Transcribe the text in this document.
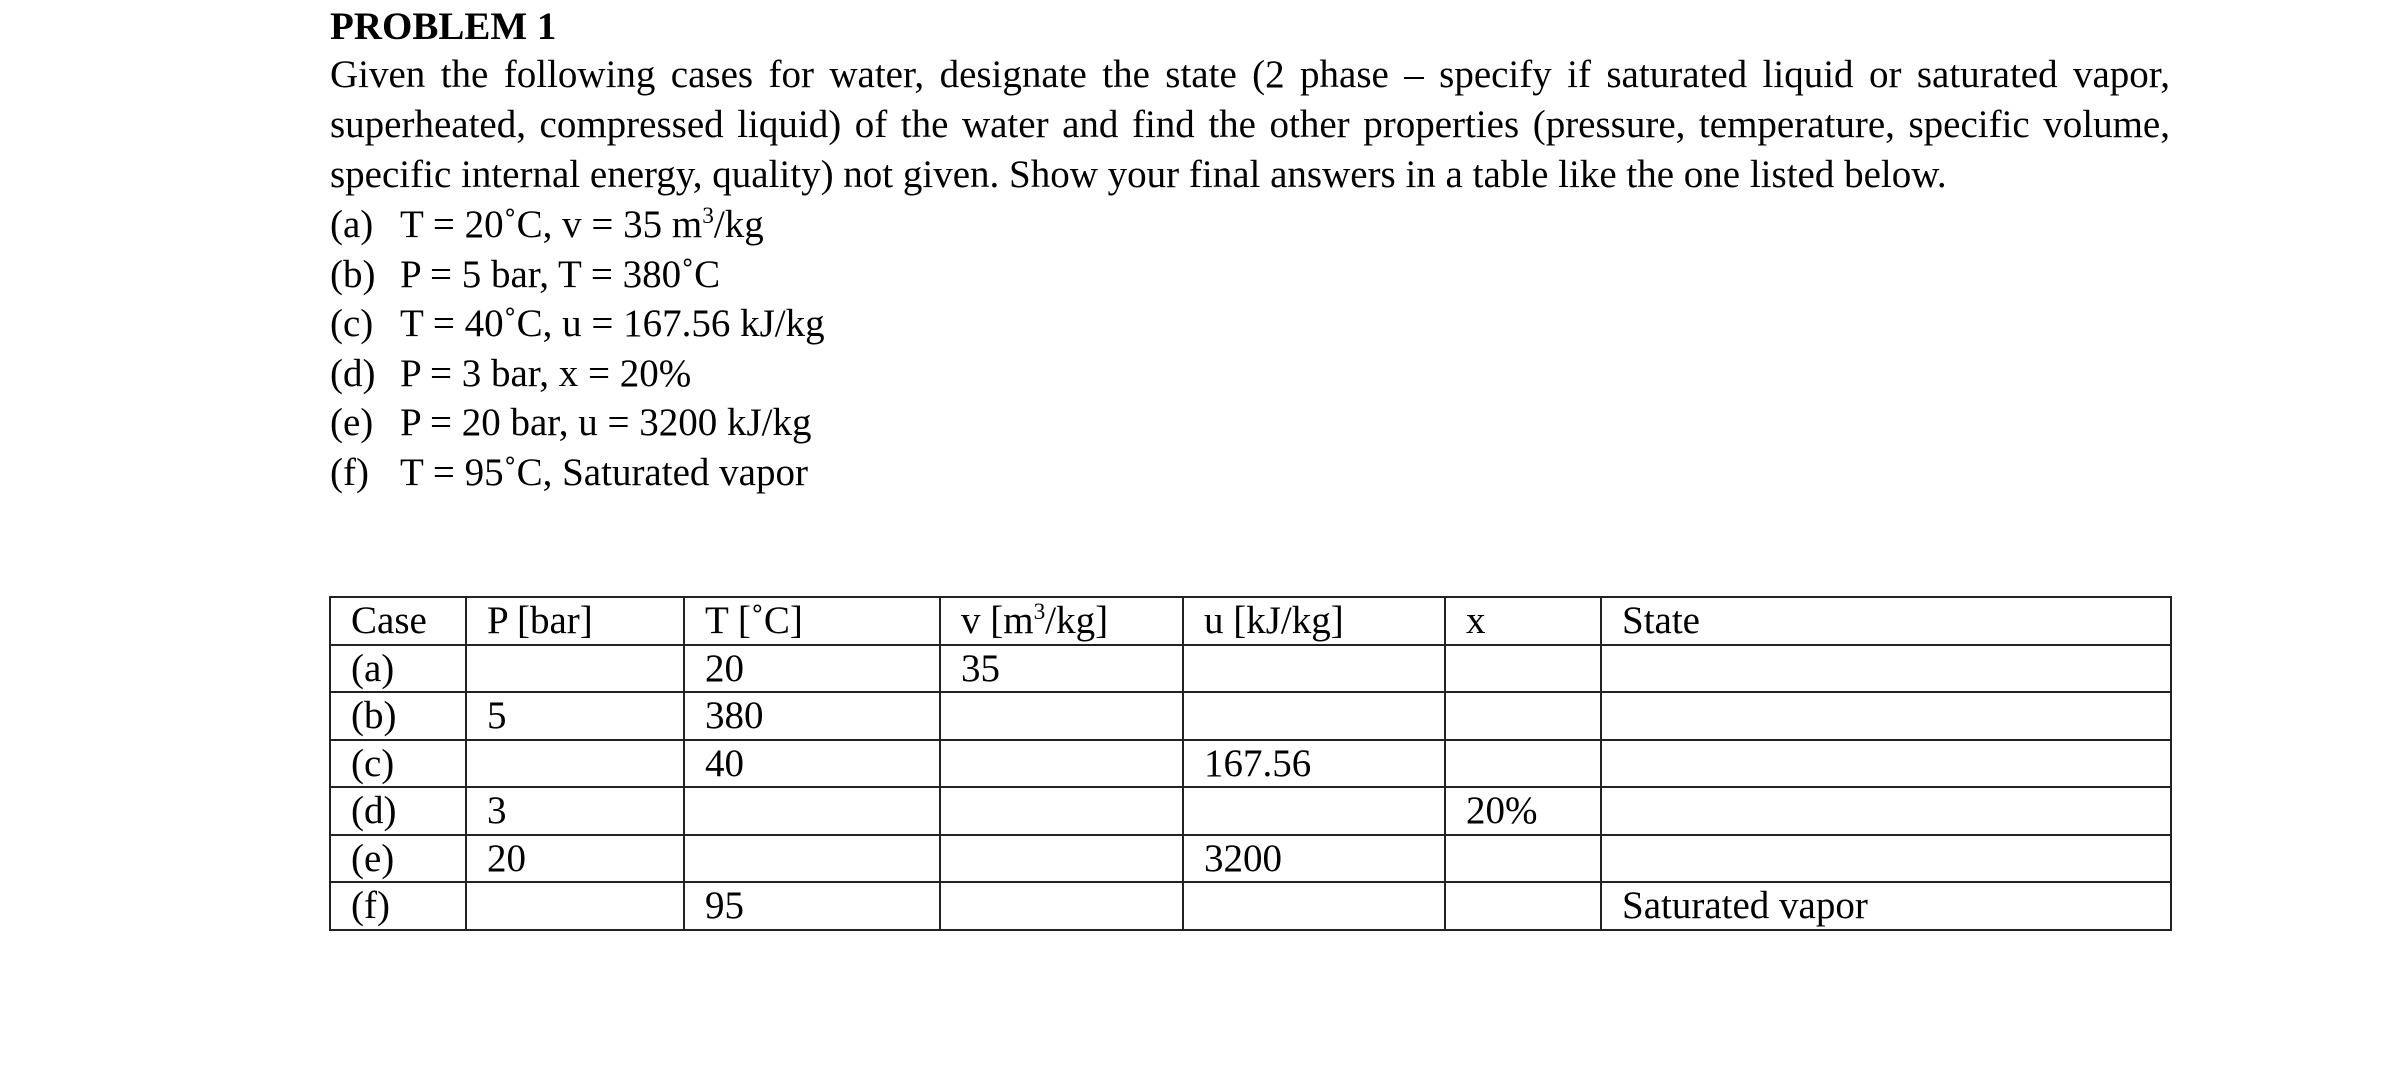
PROBLEM 1

Given the following cases for water, designate the state (2 phase – specify if saturated liquid or saturated vapor, superheated, compressed liquid) of the water and find the other properties (pressure, temperature, specific volume, specific internal energy, quality) not given. Show your final answers in a table like the one listed below.

(a) T = 20˚C, v = 35 $m^3/kg$
(b) P = 5 bar, T = 380˚C
(c) T = 40˚C, u = 167.56 kJ/kg
(d) P = 3 bar, x = 20%
(e) P = 20 bar, u = 3200 kJ/kg
(f) T = 95˚C, Saturated vapor
Case	P [bar]	T [˚C]	v $[m^3/kg]$	u [kJ/kg]	x	State
(a)		20	35			
(b)	5	380				
(c)		40		167.56		
(d)	3				20%	
(e)	20			3200		
(f)		95				Saturated vapor
